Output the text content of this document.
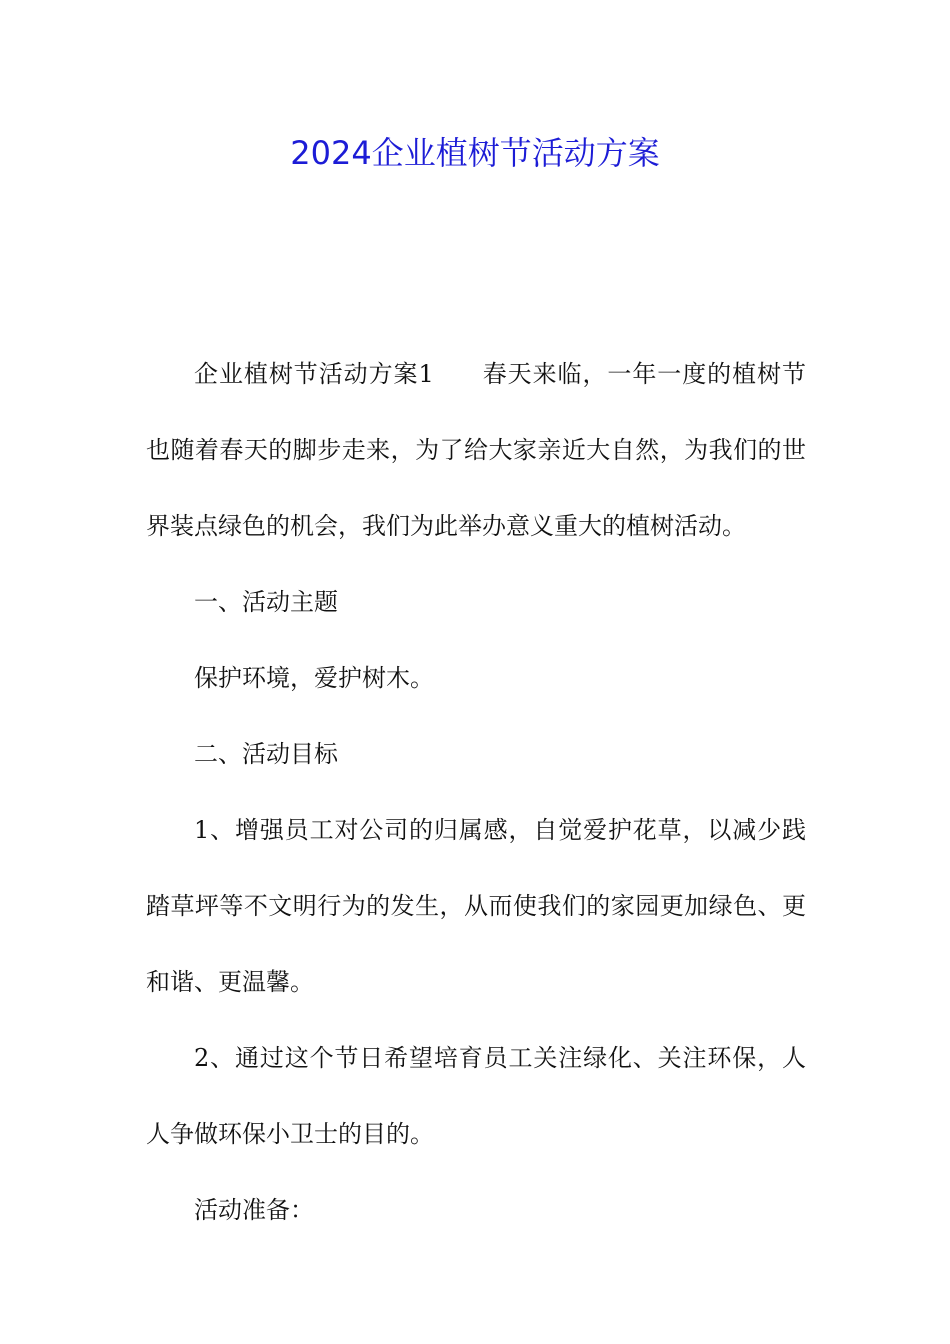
2024企业植树节活动方案

企业植树节活动方案1 春天来临，一年一度的植树节也随着春天的脚步走来，为了给大家亲近大自然，为我们的世界装点绿色的机会，我们为此举办意义重大的植树活动。

一、活动主题

保护环境，爱护树木。

二、活动目标

1、增强员工对公司的归属感，自觉爱护花草，以减少践踏草坪等不文明行为的发生，从而使我们的家园更加绿色、更和谐、更温馨。

2、通过这个节日希望培育员工关注绿化、关注环保，人人争做环保小卫士的目的。

活动准备：
